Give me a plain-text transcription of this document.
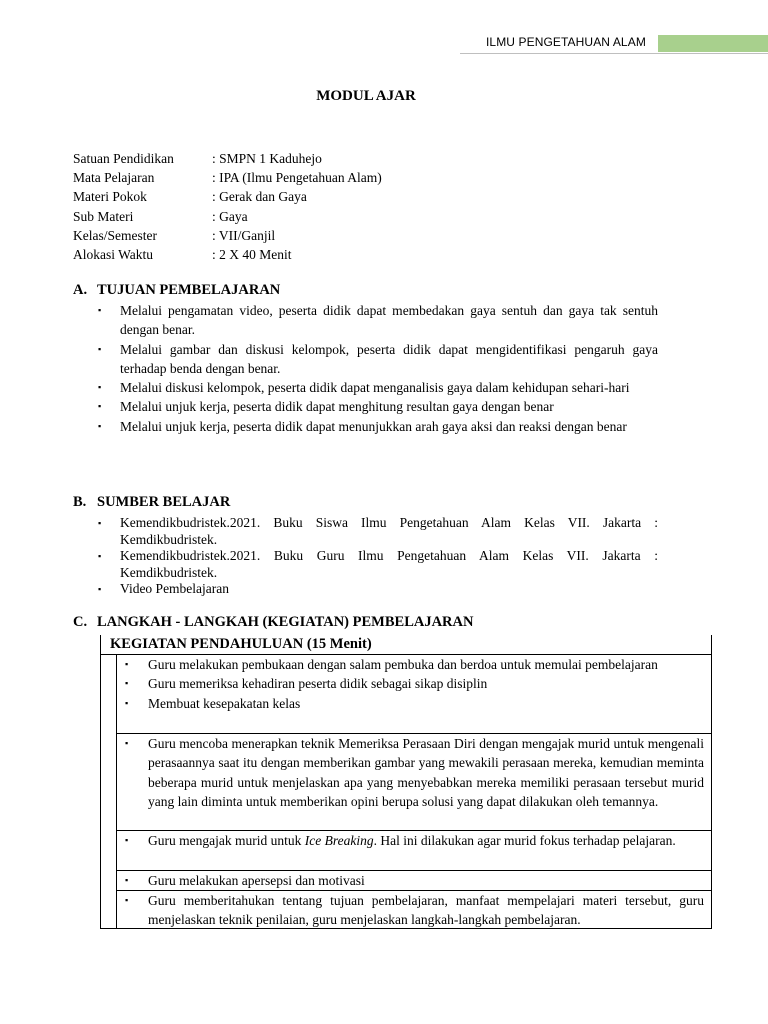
ILMU PENGETAHUAN ALAM
MODUL AJAR
Satuan Pendidikan	: SMPN 1 Kaduhejo
Mata Pelajaran	: IPA (Ilmu Pengetahuan Alam)
Materi Pokok	: Gerak dan Gaya
Sub Materi	: Gaya
Kelas/Semester	: VII/Ganjil
Alokasi Waktu	: 2 X 40 Menit
A. TUJUAN PEMBELAJARAN
▪ Melalui pengamatan video, peserta didik dapat membedakan gaya sentuh dan gaya tak sentuh dengan benar.
▪ Melalui gambar dan diskusi kelompok, peserta didik dapat mengidentifikasi pengaruh gaya terhadap benda dengan benar.
▪ Melalui diskusi kelompok, peserta didik dapat menganalisis gaya dalam kehidupan sehari-hari
▪ Melalui unjuk kerja, peserta didik dapat menghitung resultan gaya dengan benar
▪ Melalui unjuk kerja, peserta didik dapat menunjukkan arah gaya aksi dan reaksi dengan benar
B. SUMBER BELAJAR
▪ Kemendikbudristek.2021. Buku Siswa Ilmu Pengetahuan Alam Kelas VII. Jakarta : Kemdikbudristek.
▪ Kemendikbudristek.2021. Buku Guru Ilmu Pengetahuan Alam Kelas VII. Jakarta : Kemdikbudristek.
▪ Video Pembelajaran
C. LANGKAH - LANGKAH (KEGIATAN) PEMBELAJARAN
KEGIATAN PENDAHULUAN (15 Menit)
▪ Guru melakukan pembukaan dengan salam pembuka dan berdoa untuk memulai pembelajaran
▪ Guru memeriksa kehadiran peserta didik sebagai sikap disiplin
▪ Membuat kesepakatan kelas
▪ Guru mencoba menerapkan teknik Memeriksa Perasaan Diri dengan mengajak murid untuk mengenali perasaannya saat itu dengan memberikan gambar yang mewakili perasaan mereka, kemudian meminta beberapa murid untuk menjelaskan apa yang menyebabkan mereka memiliki perasaan tersebut murid yang lain diminta untuk memberikan opini berupa solusi yang dapat dilakukan oleh temannya.
▪ Guru mengajak murid untuk Ice Breaking. Hal ini dilakukan agar murid fokus terhadap pelajaran.
▪ Guru melakukan apersepsi dan motivasi
▪ Guru memberitahukan tentang tujuan pembelajaran, manfaat mempelajari materi tersebut, guru menjelaskan teknik penilaian, guru menjelaskan langkah-langkah pembelajaran.
